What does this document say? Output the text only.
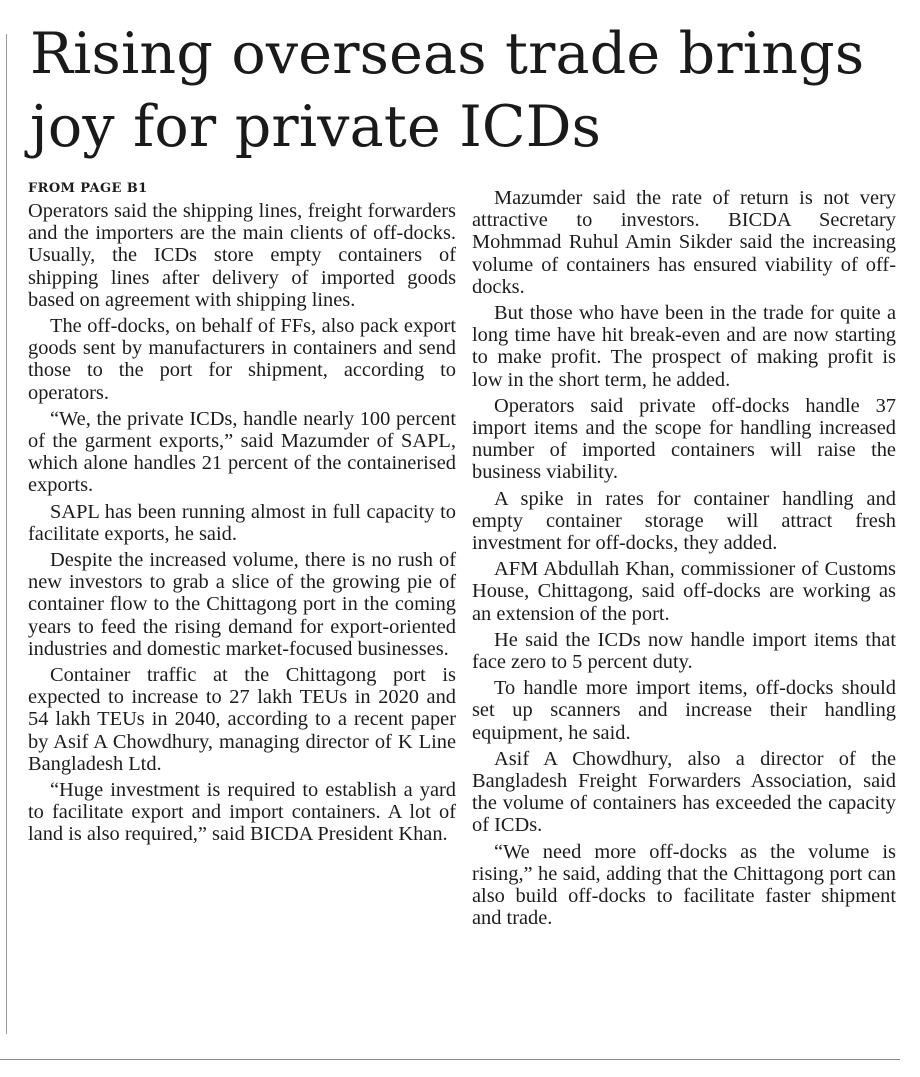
Rising overseas trade brings
joy for private ICDs
FROM PAGE B1

Operators said the shipping lines, freight forwarders and the importers are the main clients of off-docks. Usually, the ICDs store empty containers of shipping lines after delivery of imported goods based on agreement with shipping lines.

The off-docks, on behalf of FFs, also pack export goods sent by manufacturers in containers and send those to the port for shipment, according to operators.

“We, the private ICDs, handle nearly 100 percent of the garment exports,” said Mazumder of SAPL, which alone handles 21 percent of the containerised exports.

SAPL has been running almost in full capacity to facilitate exports, he said.

Despite the increased volume, there is no rush of new investors to grab a slice of the growing pie of container flow to the Chittagong port in the coming years to feed the rising demand for export-oriented industries and domestic market-focused businesses.

Container traffic at the Chittagong port is expected to increase to 27 lakh TEUs in 2020 and 54 lakh TEUs in 2040, according to a recent paper by Asif A Chowdhury, managing director of K Line Bangladesh Ltd.

“Huge investment is required to establish a yard to facilitate export and import containers. A lot of land is also required,” said BICDA President Khan.

Mazumder said the rate of return is not very attractive to investors. BICDA Secretary Mohmmad Ruhul Amin Sikder said the increasing volume of containers has ensured viability of off-docks.

But those who have been in the trade for quite a long time have hit break-even and are now starting to make profit. The prospect of making profit is low in the short term, he added.

Operators said private off-docks handle 37 import items and the scope for handling increased number of imported containers will raise the business viability.

A spike in rates for container handling and empty container storage will attract fresh investment for off-docks, they added.

AFM Abdullah Khan, commissioner of Customs House, Chittagong, said off-docks are working as an extension of the port.

He said the ICDs now handle import items that face zero to 5 percent duty.

To handle more import items, off-docks should set up scanners and increase their handling equipment, he said.

Asif A Chowdhury, also a director of the Bangladesh Freight Forwarders Association, said the volume of containers has exceeded the capacity of ICDs.

“We need more off-docks as the volume is rising,” he said, adding that the Chittagong port can also build off-docks to facilitate faster shipment and trade.
